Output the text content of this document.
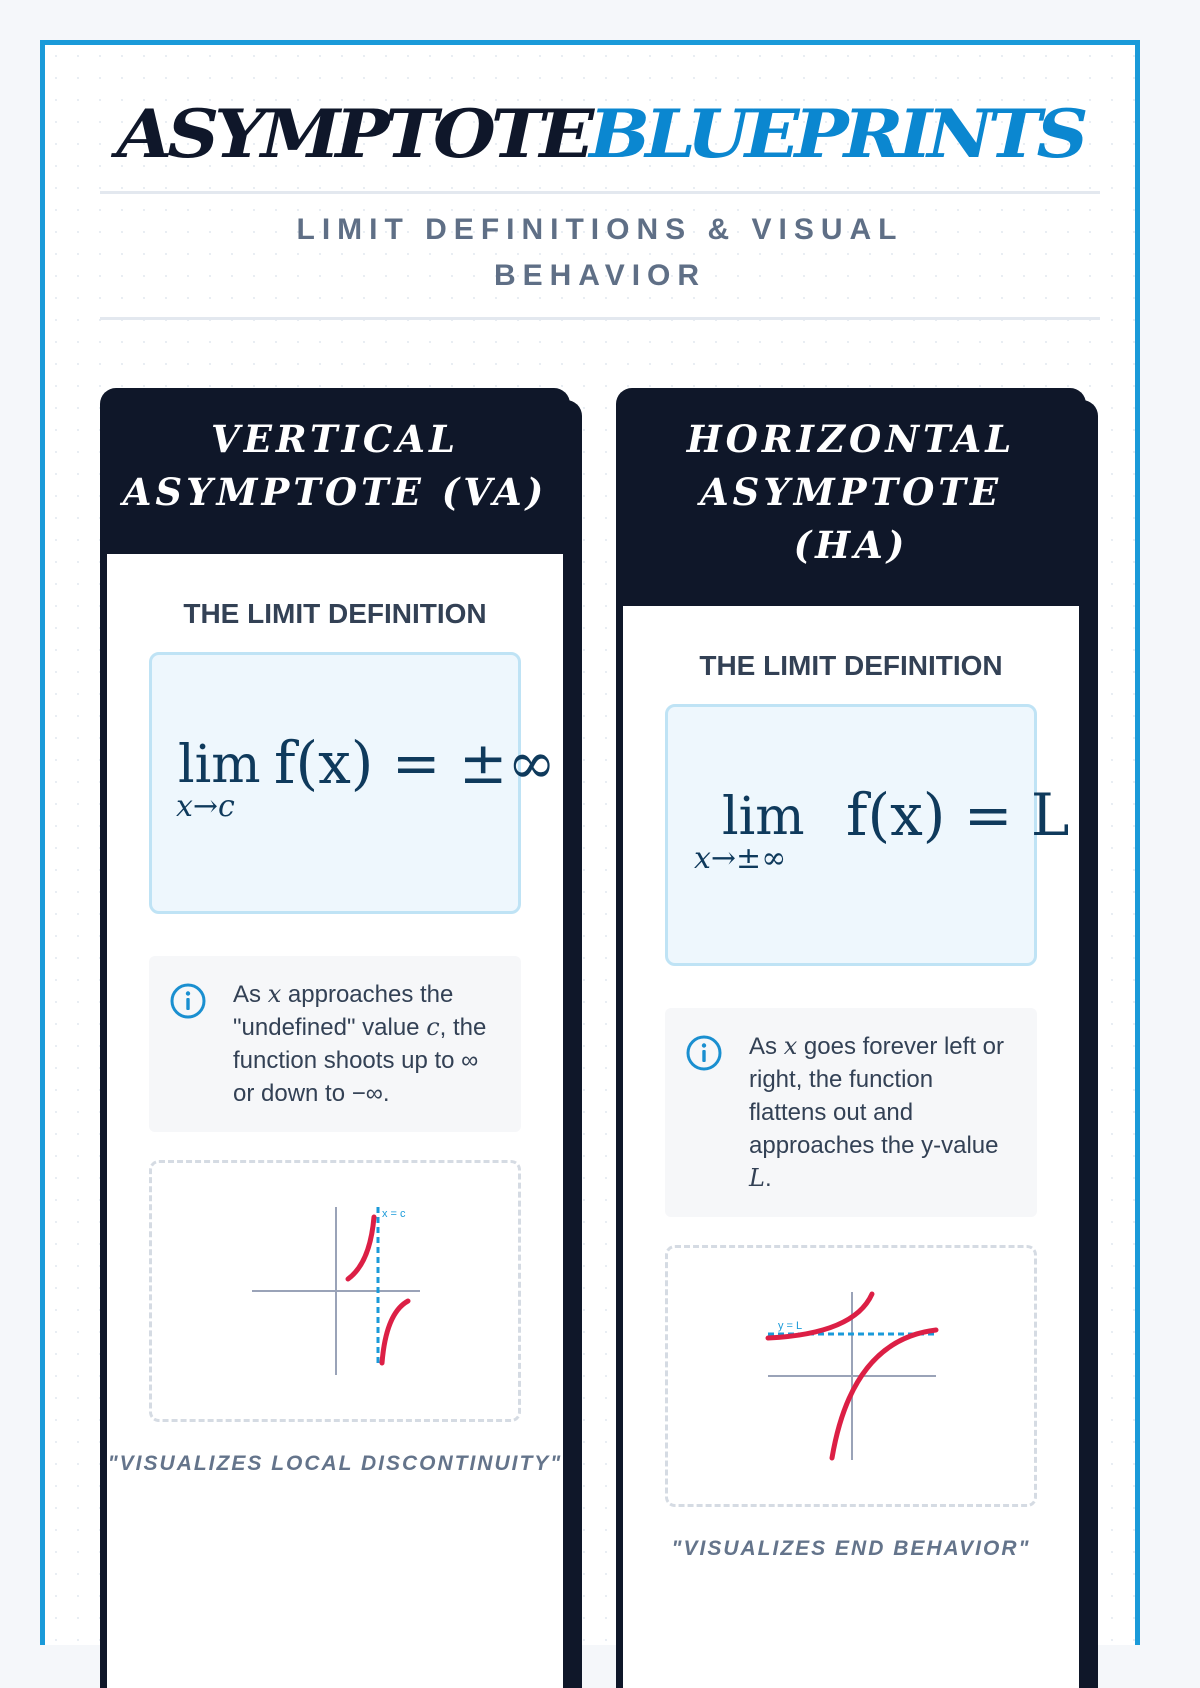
ASYMPTOTEBLUEPRINTS
LIMIT DEFINITIONS & VISUAL BEHAVIOR
VERTICAL ASYMPTOTE (VA)
THE LIMIT DEFINITION
lim
x→c
f(x) = ±∞
As x approaches the "undefined" value c, the function shoots up to ∞ or down to −∞.
x = c
"VISUALIZES LOCAL DISCONTINUITY"
HORIZONTAL ASYMPTOTE (HA)
THE LIMIT DEFINITION
lim
x→±∞
f(x) = L
As x goes forever left or right, the function flattens out and approaches the y-value L.
y = L
"VISUALIZES END BEHAVIOR"
